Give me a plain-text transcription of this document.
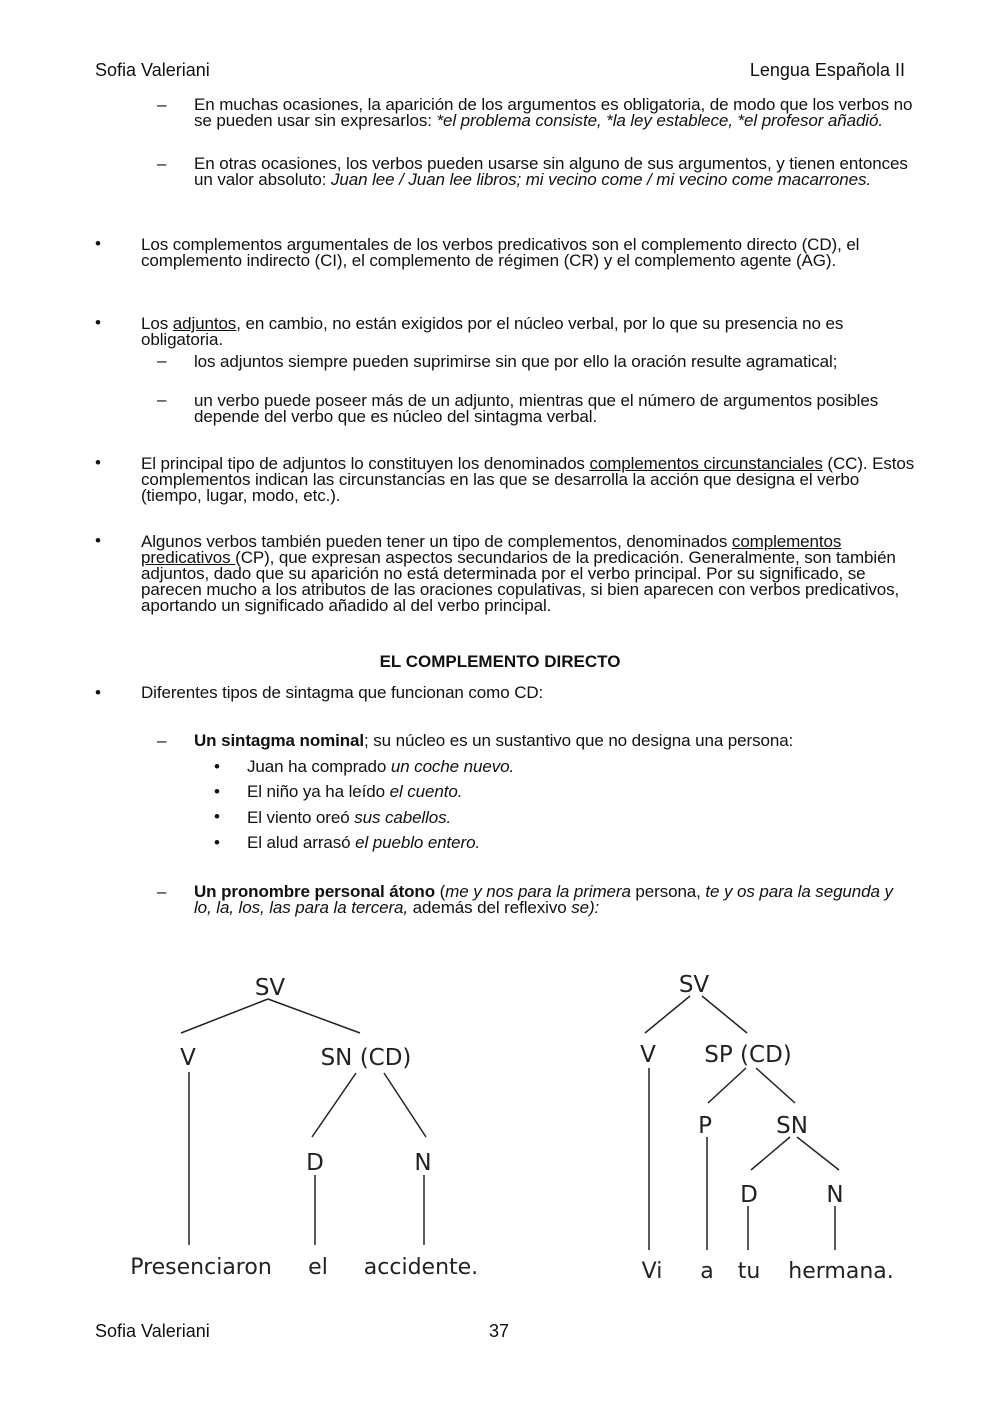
Sofia Valeriani	Lengua Española II
– En muchas ocasiones, la aparición de los argumentos es obligatoria, de modo que los verbos no se pueden usar sin expresarlos: *el problema consiste, *la ley establece, *el profesor añadió.
– En otras ocasiones, los verbos pueden usarse sin alguno de sus argumentos, y tienen entonces un valor absoluto: Juan lee / Juan lee libros; mi vecino come / mi vecino come macarrones.
• Los complementos argumentales de los verbos predicativos son el complemento directo (CD), el complemento indirecto (CI), el complemento de régimen (CR) y el complemento agente (AG).
• Los adjuntos, en cambio, no están exigidos por el núcleo verbal, por lo que su presencia no es obligatoria.
– los adjuntos siempre pueden suprimirse sin que por ello la oración resulte agramatical;
– un verbo puede poseer más de un adjunto, mientras que el número de argumentos posibles depende del verbo que es núcleo del sintagma verbal.
• El principal tipo de adjuntos lo constituyen los denominados complementos circunstanciales (CC). Estos complementos indican las circunstancias en las que se desarrolla la acción que designa el verbo (tiempo, lugar, modo, etc.).
• Algunos verbos también pueden tener un tipo de complementos, denominados complementos predicativos (CP), que expresan aspectos secundarios de la predicación. Generalmente, son también adjuntos, dado que su aparición no está determinada por el verbo principal. Por su significado, se parecen mucho a los atributos de las oraciones copulativas, si bien aparecen con verbos predicativos, aportando un significado añadido al del verbo principal.
EL COMPLEMENTO DIRECTO
• Diferentes tipos de sintagma que funcionan como CD:
– Un sintagma nominal; su núcleo es un sustantivo que no designa una persona:
• Juan ha comprado un coche nuevo.
• El niño ya ha leído el cuento.
• El viento oreó sus cabellos.
• El alud arrasó el pueblo entero.
– Un pronombre personal átono (me y nos para la primera persona, te y os para la segunda y lo, la, los, las para la tercera, además del reflexivo se):
SV
V	SN (CD)
D	N
Presenciaron el accidente.
SV
V SP (CD)
P	SN
D	N
Vi a tu hermana.
Sofia Valeriani	37
